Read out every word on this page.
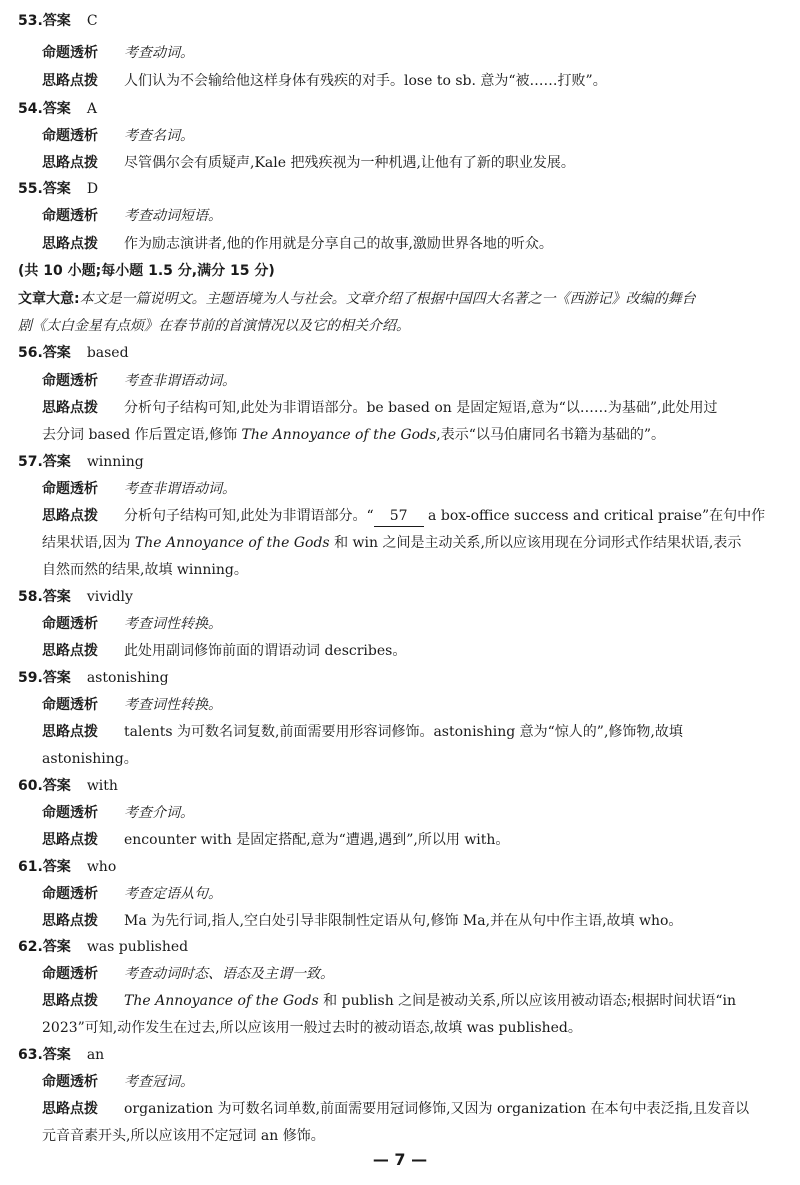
53.答案 C
命题透析 考查动词。
思路点拨 人们认为不会输给他这样身体有残疾的对手。lose to sb. 意为“被……打败”。
54.答案 A
命题透析 考查名词。
思路点拨 尽管偶尔会有质疑声,Kale 把残疾视为一种机遇,让他有了新的职业发展。
55.答案 D
命题透析 考查动词短语。
思路点拨 作为励志演讲者,他的作用就是分享自己的故事,激励世界各地的听众。
(共 10 小题;每小题 1.5 分,满分 15 分)
文章大意:本文是一篇说明文。主题语境为人与社会。文章介绍了根据中国四大名著之一《西游记》改编的舞台
剧《太白金星有点烦》在春节前的首演情况以及它的相关介绍。
56.答案 based
命题透析 考查非谓语动词。
思路点拨 分析句子结构可知,此处为非谓语部分。be based on 是固定短语,意为“以……为基础”,此处用过
去分词 based 作后置定语,修饰 The Annoyance of the Gods,表示“以马伯庸同名书籍为基础的”。
57.答案 winning
命题透析 考查非谓语动词。
思路点拨 分析句子结构可知,此处为非谓语部分。“ 57 a box-office success and critical praise”在句中作
结果状语,因为 The Annoyance of the Gods 和 win 之间是主动关系,所以应该用现在分词形式作结果状语,表示
自然而然的结果,故填 winning。
58.答案 vividly
命题透析 考查词性转换。
思路点拨 此处用副词修饰前面的谓语动词 describes。
59.答案 astonishing
命题透析 考查词性转换。
思路点拨 talents 为可数名词复数,前面需要用形容词修饰。astonishing 意为“惊人的”,修饰物,故填
astonishing。
60.答案 with
命题透析 考查介词。
思路点拨 encounter with 是固定搭配,意为“遭遇,遇到”,所以用 with。
61.答案 who
命题透析 考查定语从句。
思路点拨 Ma 为先行词,指人,空白处引导非限制性定语从句,修饰 Ma,并在从句中作主语,故填 who。
62.答案 was published
命题透析 考查动词时态、语态及主谓一致。
思路点拨 The Annoyance of the Gods 和 publish 之间是被动关系,所以应该用被动语态;根据时间状语“in
2023”可知,动作发生在过去,所以应该用一般过去时的被动语态,故填 was published。
63.答案 an
命题透析 考查冠词。
思路点拨 organization 为可数名词单数,前面需要用冠词修饰,又因为 organization 在本句中表泛指,且发音以
元音音素开头,所以应该用不定冠词 an 修饰。
— 7 —
